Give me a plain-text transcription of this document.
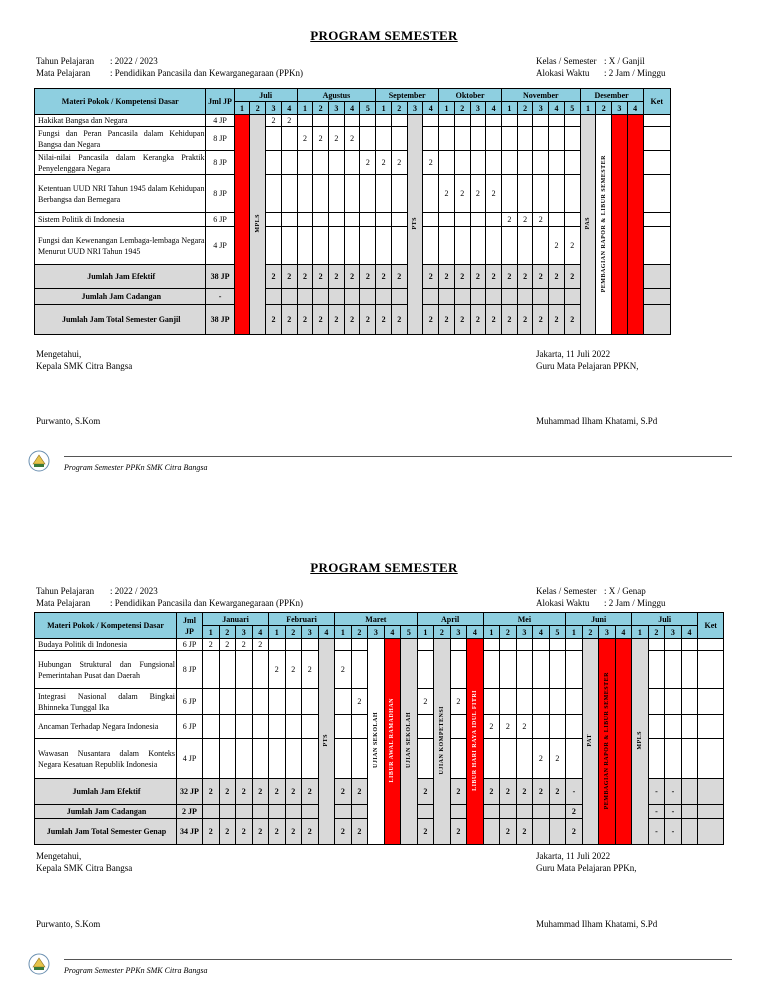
PROGRAM SEMESTER
Tahun Pelajaran : 2022 / 2023
Mata Pelajaran : Pendidikan Pancasila dan Kewarganegaraan (PPKn)
Kelas / Semester : X / Ganjil
Alokasi Waktu : 2 Jam / Minggu
Materi Pokok / Kompetensi Dasar	Jml JP	Juli				Agustus					September				Oktober				November					Desember				Ket
		1	2	3	4	1	2	3	4	5	1	2	3	4	1	2	3	4	1	2	3	4	5	1	2	3	4	
Hakikat Bangsa dan Negara	4 JP		MPLS	2	2								PTS											PAS	PEMBAGIAN RAPOR & LIBUR SEMESTER			
Fungsi dan Peran Pancasila dalam Kehidupan Bangsa dan Negara	8 JP					2	2	2	2																			
Nilai-nilai Pancasila dalam Kerangka Praktik Penyelenggara Negara	8 JP									2	2	2		2														
Ketentuan UUD NRI Tahun 1945 dalam Kehidupan Berbangsa dan Bernegara	8 JP														2	2	2	2										
Sistem Politik di Indonesia	6 JP																		2	2	2							
Fungsi dan Kewenangan Lembaga-lembaga Negara Menurut UUD NRI Tahun 1945	4 JP																					2	2					
Jumlah Jam Efektif	38 JP			2	2	2	2	2	2	2	2	2		2	2	2	2	2	2	2	2	2	2					
Jumlah Jam Cadangan	-																											
Jumlah Jam Total Semester Ganjil	38 JP			2	2	2	2	2	2	2	2	2		2	2	2	2	2	2	2	2	2	2					
Mengetahui,
Kepala SMK Citra Bangsa
Jakarta, 11 Juli 2022
Guru Mata Pelajaran PPKN,
Purwanto, S.Kom	Muhammad Ilham Khatami, S.Pd
Program Semester PPKn SMK Citra Bangsa
PROGRAM SEMESTER
Tahun Pelajaran : 2022 / 2023
Mata Pelajaran : Pendidikan Pancasila dan Kewarganegaraan (PPKn)
Kelas / Semester : X / Genap
Alokasi Waktu : 2 Jam / Minggu
Materi Pokok / Kompetensi Dasar	Jml JP	Januari				Februari				Maret					April				Mei					Juni				Juli				Ket
		1	2	3	4	1	2	3	4	1	2	3	4	5	1	2	3	4	1	2	3	4	5	1	2	3	4	1	2	3	4	
Budaya Politik di Indonesia	6 JP	2	2	2	2				PTS			UJIAN SEKOLAH	LIBUR AWAL RAMADHAN	UJIAN SEKOLAH		UJIAN KOMPETENSI		LIBUR HARI RAYA IDUL FITRI							PAT	PEMBAGIAN RAPOR & LIBUR SEMESTER		MPLS				
Hubungan Struktural dan Fungsional Pemerintahan Pusat dan Daerah	8 JP					2	2	2		2																						
Integrasi Nasional dalam Bingkai Bhinneka Tunggal Ika	6 JP										2				2		2															
Ancaman Terhadap Negara Indonesia	6 JP																		2	2	2											
Wawasan Nusantara dalam Konteks Negara Kesatuan Republik Indonesia	4 JP																					2	2									
Jumlah Jam Efektif	32 JP	2	2	2	2	2	2	2		2	2				2		2		2	2	2	2	2	-					-	-		
Jumlah Jam Cadangan	2 JP																							2					-	-		
Jumlah Jam Total Semester Genap	34 JP	2	2	2	2	2	2	2		2	2				2		2			2	2			2					-	-		
Mengetahui,
Kepala SMK Citra Bangsa
Jakarta, 11 Juli 2022
Guru Mata Pelajaran PPKn,
Purwanto, S.Kom	Muhammad Ilham Khatami, S.Pd
Program Semester PPKn SMK Citra Bangsa
